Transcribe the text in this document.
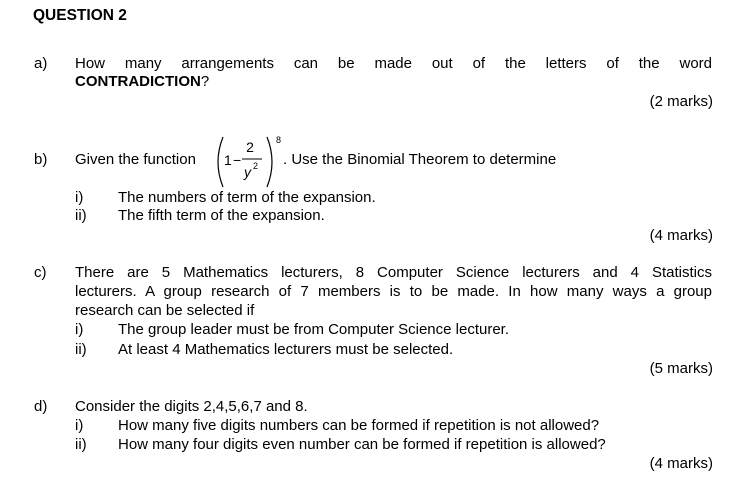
QUESTION 2
a) How many arrangements can be made out of the letters of the word
CONTRADICTION?
(2 marks)
b) Given the function 1 −
2
y 2
8
. Use the Binomial Theorem to determine
i) The numbers of term of the expansion.
ii) The fifth term of the expansion.
(4 marks)
c) There are 5 Mathematics lecturers, 8 Computer Science lecturers and 4 Statistics
lecturers. A group research of 7 members is to be made. In how many ways a group
research can be selected if
i) The group leader must be from Computer Science lecturer.
ii) At least 4 Mathematics lecturers must be selected.
(5 marks)
d) Consider the digits 2,4,5,6,7 and 8.
i) How many five digits numbers can be formed if repetition is not allowed?
ii) How many four digits even number can be formed if repetition is allowed?
(4 marks)
